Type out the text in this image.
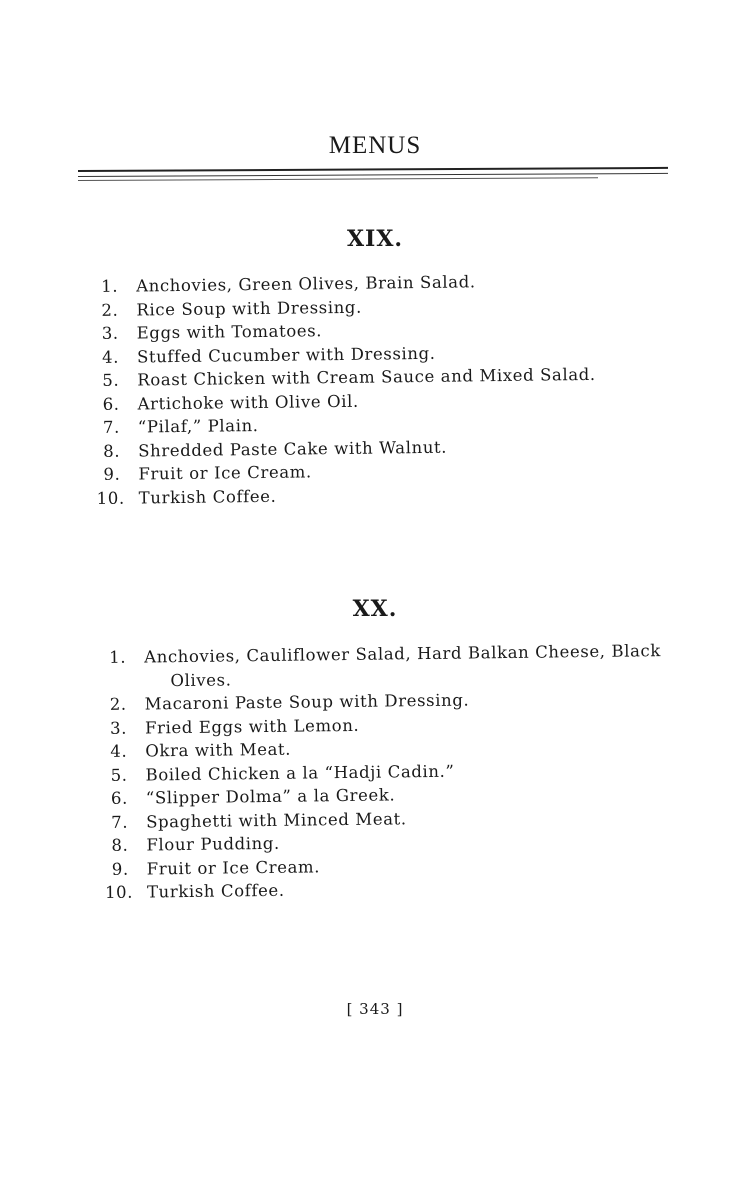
MENUS
XIX.
1.	Anchovies, Green Olives, Brain Salad.
2.	Rice Soup with Dressing.
3.	Eggs with Tomatoes.
4.	Stuffed Cucumber with Dressing.
5.	Roast Chicken with Cream Sauce and Mixed Salad.
6.	Artichoke with Olive Oil.
7.	“Pilaf,” Plain.
8.	Shredded Paste Cake with Walnut.
9.	Fruit or Ice Cream.
10. Turkish Coffee.
XX.
1.	Anchovies, Cauliflower Salad, Hard Balkan Cheese, Black
Olives.
2.	Macaroni Paste Soup with Dressing.
3.	Fried Eggs with Lemon.
4.	Okra with Meat.
5.	Boiled Chicken a la “Hadji Cadin.”
6.	“Slipper Dolma” a la Greek.
7.	Spaghetti with Minced Meat.
8.	Flour Pudding.
9.	Fruit or Ice Cream.
10. Turkish Coffee.
[ 343 ]
